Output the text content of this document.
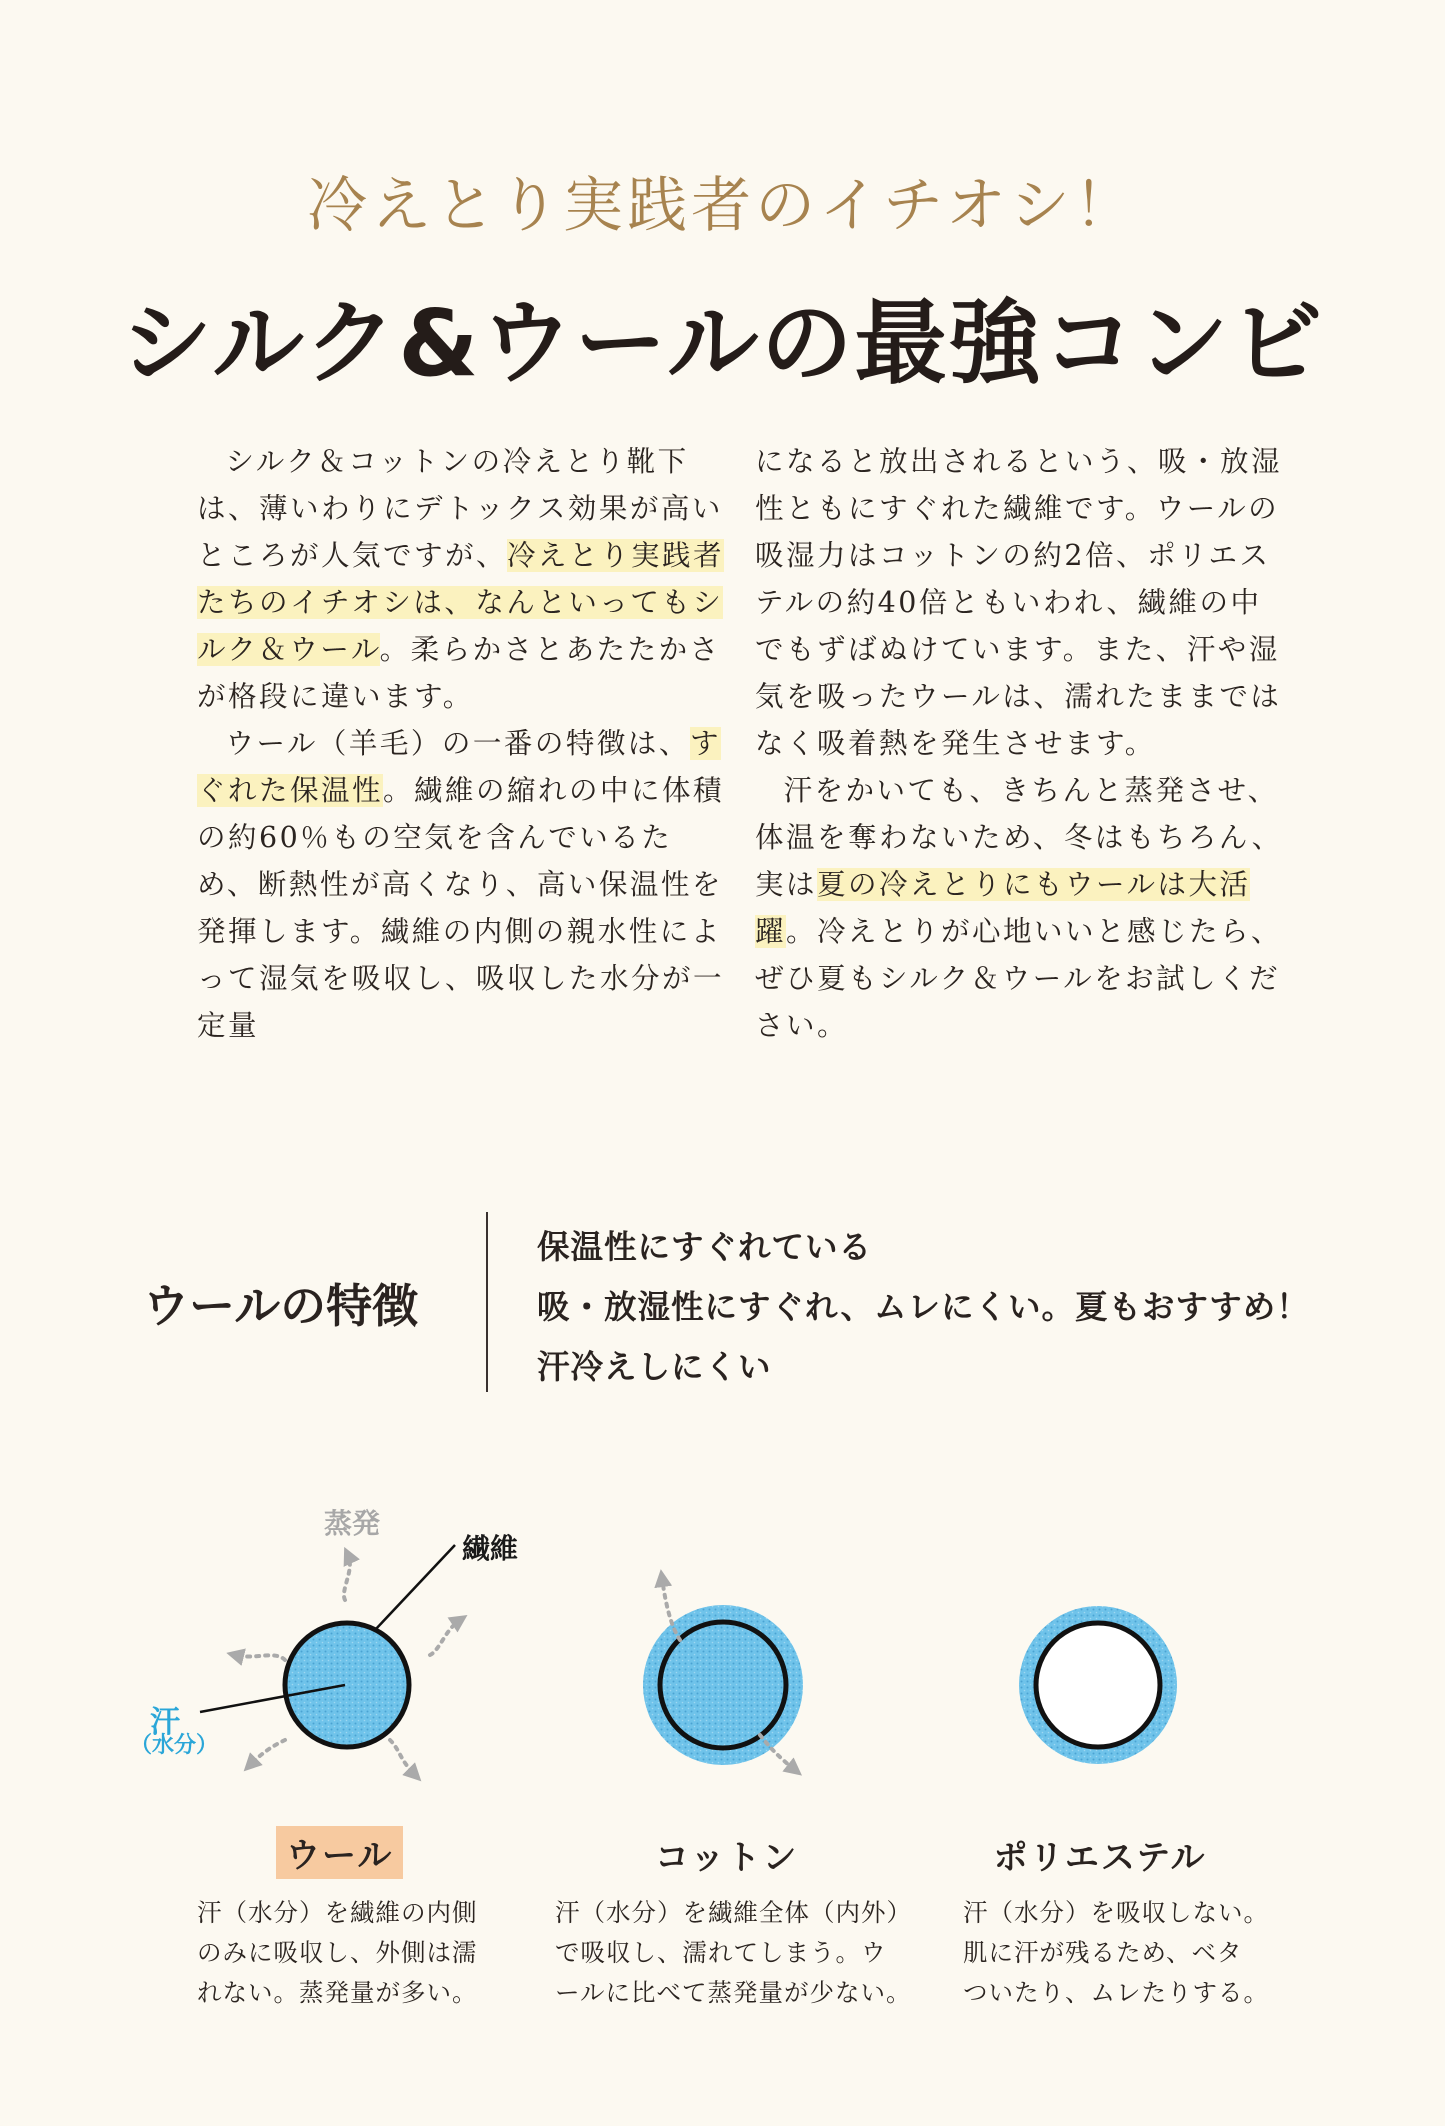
冷えとり実践者のイチオシ！
シルク&ウールの最強コンビ

シルク＆コットンの冷えとり靴下は、薄いわりにデトックス効果が高いところが人気ですが、冷えとり実践者たちのイチオシは、なんといってもシルク＆ウール。柔らかさとあたたかさが格段に違います。

ウール（羊毛）の一番の特徴は、すぐれた保温性。繊維の縮れの中に体積の約60％もの空気を含んでいるため、断熱性が高くなり、高い保温性を発揮します。繊維の内側の親水性によって湿気を吸収し、吸収した水分が一定量

になると放出されるという、吸・放湿性ともにすぐれた繊維です。ウールの吸湿力はコットンの約2倍、ポリエステルの約40倍ともいわれ、繊維の中でもずばぬけています。また、汗や湿気を吸ったウールは、濡れたままではなく吸着熱を発生させます。

汗をかいても、きちんと蒸発させ、体温を奪わないため、冬はもちろん、実は夏の冷えとりにもウールは大活躍。冷えとりが心地いいと感じたら、ぜひ夏もシルク＆ウールをお試しください。

ウールの特徴
保温性にすぐれている
吸・放湿性にすぐれ、ムレにくい。夏もおすすめ！
汗冷えしにくい
蒸発
繊維
汗
（水分）
ウール	コットン	ポリエステル
汗（水分）を繊維の内側
のみに吸収し、外側は濡
れない。蒸発量が多い。
汗（水分）を繊維全体（内外）
で吸収し、濡れてしまう。ウ
ールに比べて蒸発量が少ない。
汗（水分）を吸収しない。
肌に汗が残るため、ベタ
ついたり、ムレたりする。
